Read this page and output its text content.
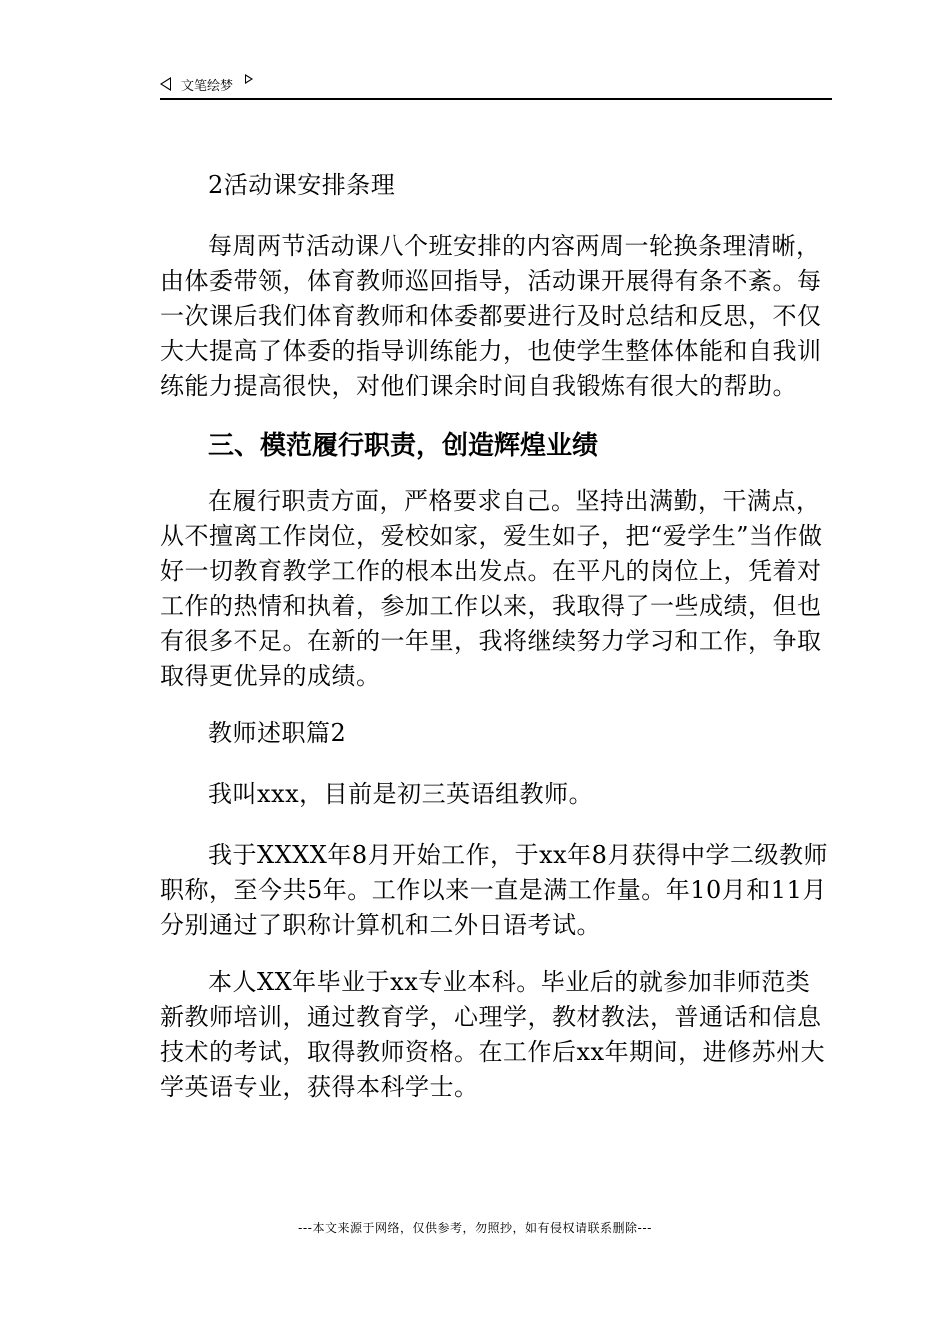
文笔绘梦
2活动课安排条理
每周两节活动课八个班安排的内容两周一轮换条理清晰，由体委带领，体育教师巡回指导，活动课开展得有条不紊。每一次课后我们体育教师和体委都要进行及时总结和反思，不仅大大提高了体委的指导训练能力，也使学生整体体能和自我训练能力提高很快，对他们课余时间自我锻炼有很大的帮助。
三、模范履行职责，创造辉煌业绩
在履行职责方面，严格要求自己。坚持出满勤，干满点，从不擅离工作岗位，爱校如家，爱生如子，把“爱学生”当作做好一切教育教学工作的根本出发点。在平凡的岗位上，凭着对工作的热情和执着，参加工作以来，我取得了一些成绩，但也有很多不足。在新的一年里，我将继续努力学习和工作，争取取得更优异的成绩。
教师述职篇2
我叫xxx，目前是初三英语组教师。
我于XXXX年8月开始工作，于xx年8月获得中学二级教师职称，至今共5年。工作以来一直是满工作量。年10月和11月分别通过了职称计算机和二外日语考试。
本人XX年毕业于xx专业本科。毕业后的就参加非师范类新教师培训，通过教育学，心理学，教材教法，普通话和信息技术的考试，取得教师资格。在工作后xx年期间，进修苏州大学英语专业，获得本科学士。
---本文来源于网络，仅供参考，勿照抄，如有侵权请联系删除---
